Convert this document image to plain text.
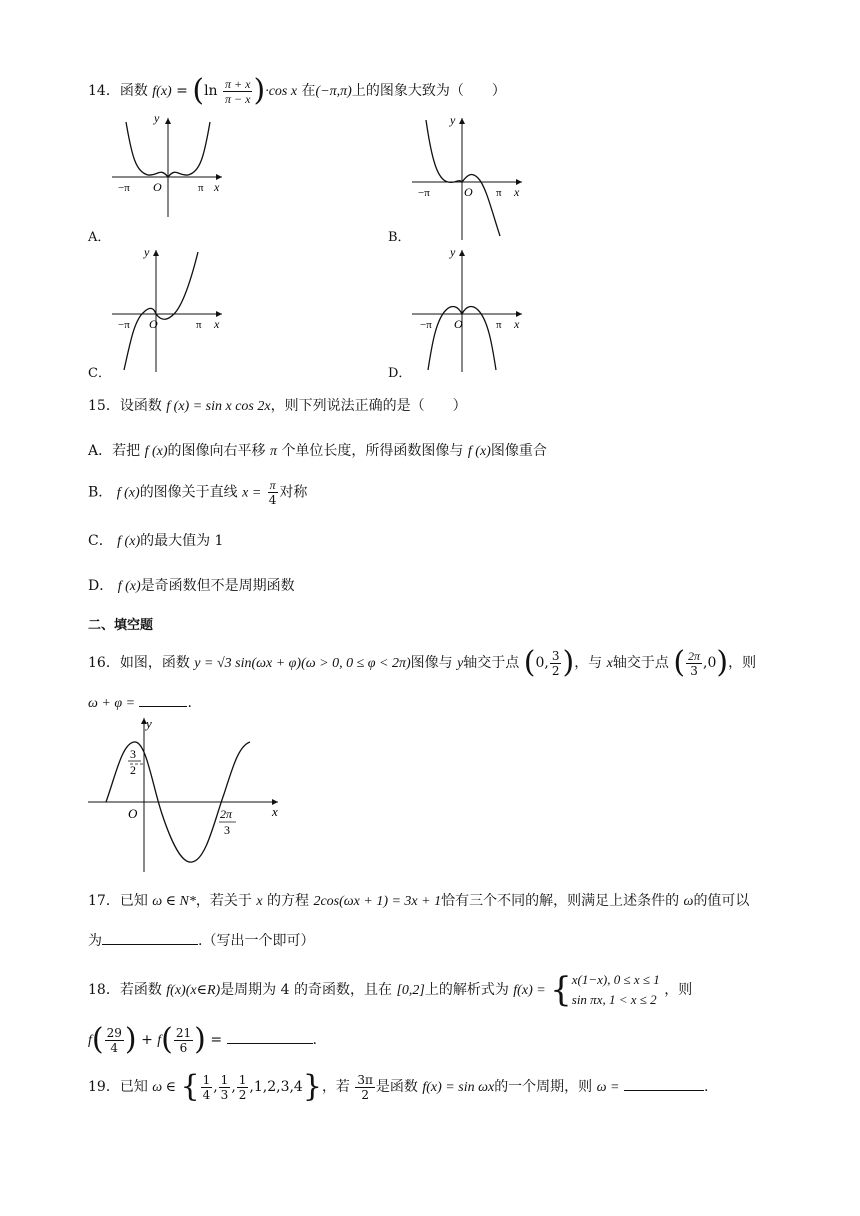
14．函数 $f(x) = (\ln \frac{\pi + x}{\pi - x} )\cdot\cos$ x 在(−π,π)上的图象大致为（　　）
y
x
O
−π	π
A．
y
x
O
−π	π
B．
y
x
O
−π	π
C．
y
x
O
−π	π
D．
15．设函数 f (x) = sin x cos 2x，则下列说法正确的是（　　）
A．若把 f (x)的图像向右平移 π 个单位长度，所得函数图像与 f (x)图像重合
B． f (x)的图像关于直线 $x = \frac{\pi}{4}$ 对称
C． f (x)的最大值为 1
D． f (x)是奇函数但不是周期函数
二、填空题
16．如图，函数 y = √3 sin(ωx + φ)(ω > 0, 0 ≤ φ < 2π)图像与 y轴交于点 (0, $\frac{3}{2}$ )，与 x轴交于点 ( $\frac{2\pi}{3} ,0$)，则
ω + φ =	.
y
x
O
3
2
2π
3
17．已知 ω ∈ N*，若关于 x 的方程 2cos(ωx + 1) = 3x + 1恰有三个不同的解，则满足上述条件的 ω的值可以
为	.（写出一个即可）
18．若函数 f(x)(x∈R)是周期为 4 的奇函数，且在 [0,2]上的解析式为 f(x) = { x(1−x), 0 ≤ x ≤ 1
sin πx, 1 < x ≤ 2
，则
$f( \frac{29}{4}$ ) + $f( \frac{21}{6}$ ) =	.
19．已知 ω ∈ { $\frac{1}{4}$ , $\frac{1}{3}$ , $\frac{1}{2} ,1,2,3,4$}，若 $\frac{3\pi}{2}$ 是函数 f(x) = sin ωx的一个周期，则 ω =	.
